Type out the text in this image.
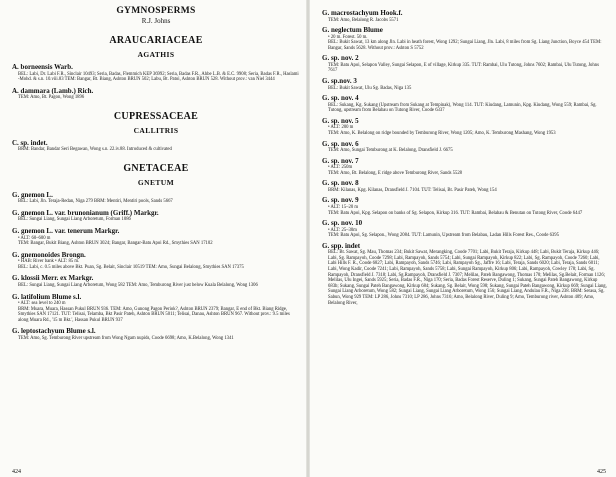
GYMNOSPERMS
R.J. Johns
ARAUCARIACEAE
AGATHIS
A. borneensis Warb.
BEL: Labi, Dr. Labi F.R., Sinclair 10493; Seria, Badas, Flemmich KEP 36992; Seria, Badas F.R., Ahbe L.B. & E.C. 9908; Seria, Badas F.R., Haslami -Mohd. & s.n. 10.viii.83 TEM: Bangar, Bt. Biang, Ashton BRUN 502; Labu, Bt. Patoi, Ashton BRUN 528. Without prov.: van Niel 3444
A. dammara (Lamb.) Rich.
TEM: Amo, Bt. Pagon, Wong 1896
CUPRESSACEAE
CALLITRIS
C. sp. indet.
BRM: Bandar, Bandar Seri Begawan, Wong s.n. 22.iv.88. Introduced & cultivated
GNETACEAE
GNETUM
G. gnemon L.
BEL: Labi, Jln. Teraja-Redan, Niga 279 BRM: Mentiri, Mentiri pools, Sands 5667
G. gnemon L. var. brunonianum (Griff.) Markgr.
BEL: Sungai Liang, Sungai Liang Arboretum, Forman 1086
G. gnemon L. var. tenerum Markgr.
• ALT: 60–600 m
TEM: Bangar, Bukit Biang, Ashton BRUN 3024; Bangar, Bangar-Batu Apoi Rd., Smythies SAN 17102
G. gnemonoides Brongn.
• HAB: River bank • ALT: 85 m.
BEL: Labi, c. 0.5 miles above Bkt. Puan, Sg. Belait, Sinclair 10519 TEM: Amo, Sungai Belalong, Smythies SAN 17375
G. klossii Merr. ex Markgr.
BEL: Sungai Liang, Sungai Liang Arboretum, Wong 582 TEM: Amo, Temburong River just below Kuala Belalong, Wong 1306
G. latifolium Blume s.l.
• ALT: sea level to 240 m
BRM: Muara, Muara, Hassan Pukul BRUN 936. TEM: Amo, Gunong Pagon Periok?, Ashton BRUN 2379; Bangar, E end of Bkt. Biang Ridge, Smythies SAN 17121. TUT: Telisai, Telamba, Bkt Pasir Pateh, Ashton BRUN 5011; Telisai, Danau, Ashton BRUN 967. Without prov.: 9.5 miles along Muara Rd., '15 m Bkt.', Hassan Pukul BRUN 937
G. leptostachyum Blume s.l.
TEM: Amo, Sg. Temburong River upstream from Wong Ngam nupids, Coode 6698; Amo, K.Belalong, Wong 1341
424
G. macrostachyum Hook.f.
TEM: Amo, Belalong R. Jacobs 5571
G. neglectum Blume
• 20 m. Forest. 50 m.
BEL: Bukit Sawat, 13 km along Jln. Labi in heath forest, Wong 1292; Sungai Liang, Jln. Labi, 8 miles from Sg. Liang Junction, Boyce 454 TEM: Bangar, Sands 5628. Without prov.: Ashton S 5752
G. sp. nov. 2
TEM: Batu Apoi, Selapon Valley, Sungai Selapon, E of village, Kirkup 335. TUT: Rambai, Ulu Tutong, Johns 7602; Rambai, Ulu Tutong, Johns 7617
G. sp.nov. 3
BEL: Bukit Sawat, Ulu Sg. Badas, Niga 135
G. sp. nov. 4
BEL: Sukang, Kg. Sukang (Upstream from Sukang at Tempinak), Wong 114. TUT: Kiudang, Lamunin, Kpg. Kiudang, Wong 559; Rambai, Sg. Tutong, upstream from Belabau on Tutong River, Coode 6337
G. sp. nov. 5
• ALT: 200 m
TEM: Amo, K. Belalong on ridge bounded by Temburong River, Wong 1205; Amo, K. Temburong Mashang, Wong 1953
G. sp. nov. 6
TEM: Amo, Sungai Temburong at K. Belalong, Dransfield J. 6675
G. sp. nov. 7
• ALT: 250m
TEM: Amo, Bt. Belalong, E ridge above Temburong River, Sands 5528
G. sp. nov. 8
BRM: Kilanas, Kpg. Kilanas, Dransfield J. 7104. TUT: Telisai, Bt. Pasir Pateh, Wong 154
G. sp. nov. 9
• ALT: 15–20 m
TEM: Batu Apoi, Kpg. Selapon on banks of Sg. Selapon, Kirkup 316. TUT: Rambai, Belabau & Benutan on Tutong River, Coode 6447
G. sp. nov. 10
• ALT: 25–30m
TEM: Batu Apoi, Sg. Selapon., Wong 2084. TUT: Lamunin, Upstream from Belabau, Ladan Hills Forest Res., Coode 6395
G. spp. indet
BEL: Bt. Sawat, Sg. Mau, Thomas 234; Bukit Sawat, Merangking, Coode 7701; Labi, Bukit Teraja, Kirkup 448; Labi, Bukit Teraja, Kirkup 446; Labi, Sg. Rampayoh, Coode 7298; Labi, Rampayoh, Sands 5754; Labi, Sungai Rampayoh, Kirkup 822; Labi, Sg. Rampayoh, Coode 7260; Labi, Labi Hills F. R., Coode 6827; Labi, Rampayoh, Sands 5746; Labi, Rampayoh Sg., Jaffre 16; Labi, Teraja, Sands 6020; Labi, Teraja, Sands 6011; Labi, Wong Kadir, Coode 7241; Labi, Rampayoh, Sands 5758; Labi, Sungai Rampayoh, Kirkup 806; Labi, Rampayoh, Cowley 178; Labi, Sg. Rampayoh, Dransfield J. 7318; Labi, Sg.Rampayoh, Dransfield J. 7307; Melilas, Pateh Bangawong, Thomas 170; Melilas, Sg.Belait, Forman 1126; Melilas, Ulu Ingei, Sands 5925; Seria, Badas F.R., Niga 170; Seria, Badas Forest Reserve, Duling 1; Sukang, Sungai Pateh Bangawong, Kirkup 683b; Sukang, Sungai Pateh Bangawong, Kirkup 684; Sukang, Sg. Belait, Wong 598; Sukang, Sungai Pateh Bangawong, Kirkup 669; Sungai Liang, Sungai Liang Arboretum, Wong 582; Sungai Liang, Sungai Liang Arboretum, Wong 156; Sungai Liang, Andulau F.R., Niga 238. BRM: Serasa, Sg. Sabun, Wong 929 TEM: LP 286, Johns 7310; LP 286, Johns 7316; Amo, Belalong River, Duling 9; Amo, Temburong river, Ashton 409; Amo, Belalong River,
425
